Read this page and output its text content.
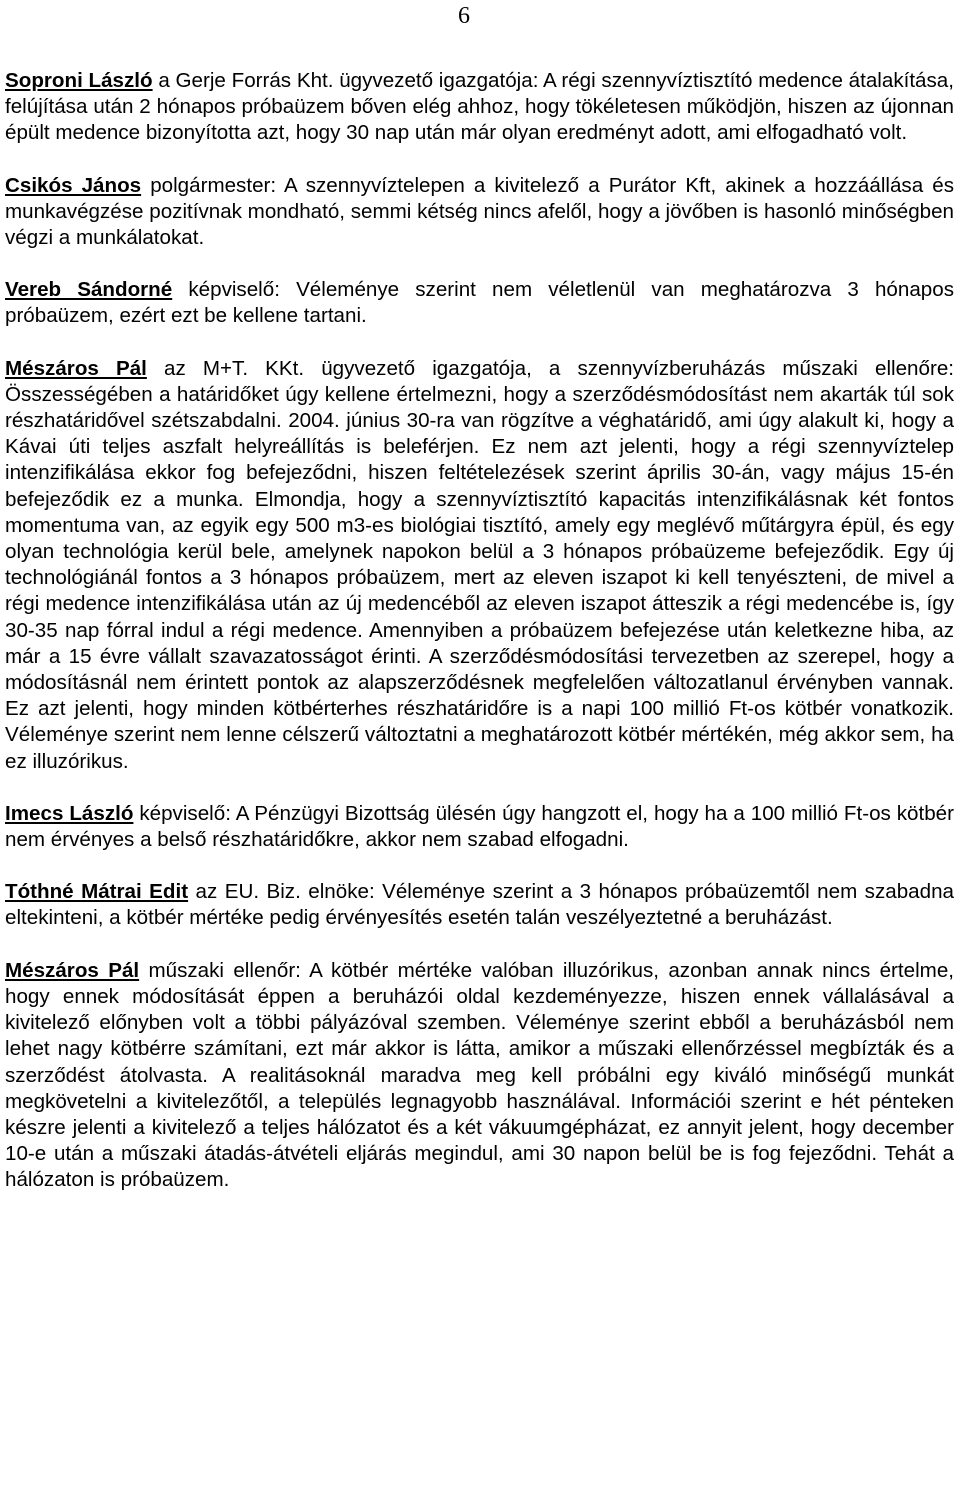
6

Soproni László a Gerje Forrás Kht. ügyvezető igazgatója: A régi szennyvíztisztító medence átalakítása, felújítása után 2 hónapos próbaüzem bőven elég ahhoz, hogy tökéletesen működjön, hiszen az újonnan épült medence bizonyította azt, hogy 30 nap után már olyan eredményt adott, ami elfogadható volt.

Csikós János polgármester: A szennyvíztelepen a kivitelező a Purátor Kft, akinek a hozzáállása és munkavégzése pozitívnak mondható, semmi kétség nincs afelől, hogy a jövőben is hasonló minőségben végzi a munkálatokat.

Vereb Sándorné képviselő: Véleménye szerint nem véletlenül van meghatározva 3 hónapos próbaüzem, ezért ezt be kellene tartani.

Mészáros Pál az M+T. KKt. ügyvezető igazgatója, a szennyvízberuházás műszaki ellenőre: Összességében a határidőket úgy kellene értelmezni, hogy a szerződésmódosítást nem akarták túl sok részhatáridővel szétszabdalni. 2004. június 30-ra van rögzítve a véghatáridő, ami úgy alakult ki, hogy a Kávai úti teljes aszfalt helyreállítás is beleférjen. Ez nem azt jelenti, hogy a régi szennyvíztelep intenzifikálása ekkor fog befejeződni, hiszen feltételezések szerint április 30-án, vagy május 15-én befejeződik ez a munka. Elmondja, hogy a szennyvíztisztító kapacitás intenzifikálásnak két fontos momentuma van, az egyik egy 500 m3-es biológiai tisztító, amely egy meglévő műtárgyra épül, és egy olyan technológia kerül bele, amelynek napokon belül a 3 hónapos próbaüzeme befejeződik. Egy új technológiánál fontos a 3 hónapos próbaüzem, mert az eleven iszapot ki kell tenyészteni, de mivel a régi medence intenzifikálása után az új medencéből az eleven iszapot átteszik a régi medencébe is, így 30-35 nap fórral indul a régi medence. Amennyiben a próbaüzem befejezése után keletkezne hiba, az már a 15 évre vállalt szavazatosságot érinti. A szerződésmódosítási tervezetben az szerepel, hogy a módosításnál nem érintett pontok az alapszerződésnek megfelelően változatlanul érvényben vannak. Ez azt jelenti, hogy minden kötbérterhes részhatáridőre is a napi 100 millió Ft-os kötbér vonatkozik. Véleménye szerint nem lenne célszerű változtatni a meghatározott kötbér mértékén, még akkor sem, ha ez illuzórikus.

Imecs László képviselő: A Pénzügyi Bizottság ülésén úgy hangzott el, hogy ha a 100 millió Ft-os kötbér nem érvényes a belső részhatáridőkre, akkor nem szabad elfogadni.

Tóthné Mátrai Edit az EU. Biz. elnöke: Véleménye szerint a 3 hónapos próbaüzemtől nem szabadna eltekinteni, a kötbér mértéke pedig érvényesítés esetén talán veszélyeztetné a beruházást.

Mészáros Pál műszaki ellenőr: A kötbér mértéke valóban illuzórikus, azonban annak nincs értelme, hogy ennek módosítását éppen a beruházói oldal kezdeményezze, hiszen ennek vállalásával a kivitelező előnyben volt a többi pályázóval szemben. Véleménye szerint ebből a beruházásból nem lehet nagy kötbérre számítani, ezt már akkor is látta, amikor a műszaki ellenőrzéssel megbízták és a szerződést átolvasta. A realitásoknál maradva meg kell próbálni egy kiváló minőségű munkát megkövetelni a kivitelezőtől, a település legnagyobb használával. Információi szerint e hét pénteken készre jelenti a kivitelező a teljes hálózatot és a két vákuumgépházat, ez annyit jelent, hogy december 10-e után a műszaki átadás-átvételi eljárás megindul, ami 30 napon belül be is fog fejeződni. Tehát a hálózaton is próbaüzem.
